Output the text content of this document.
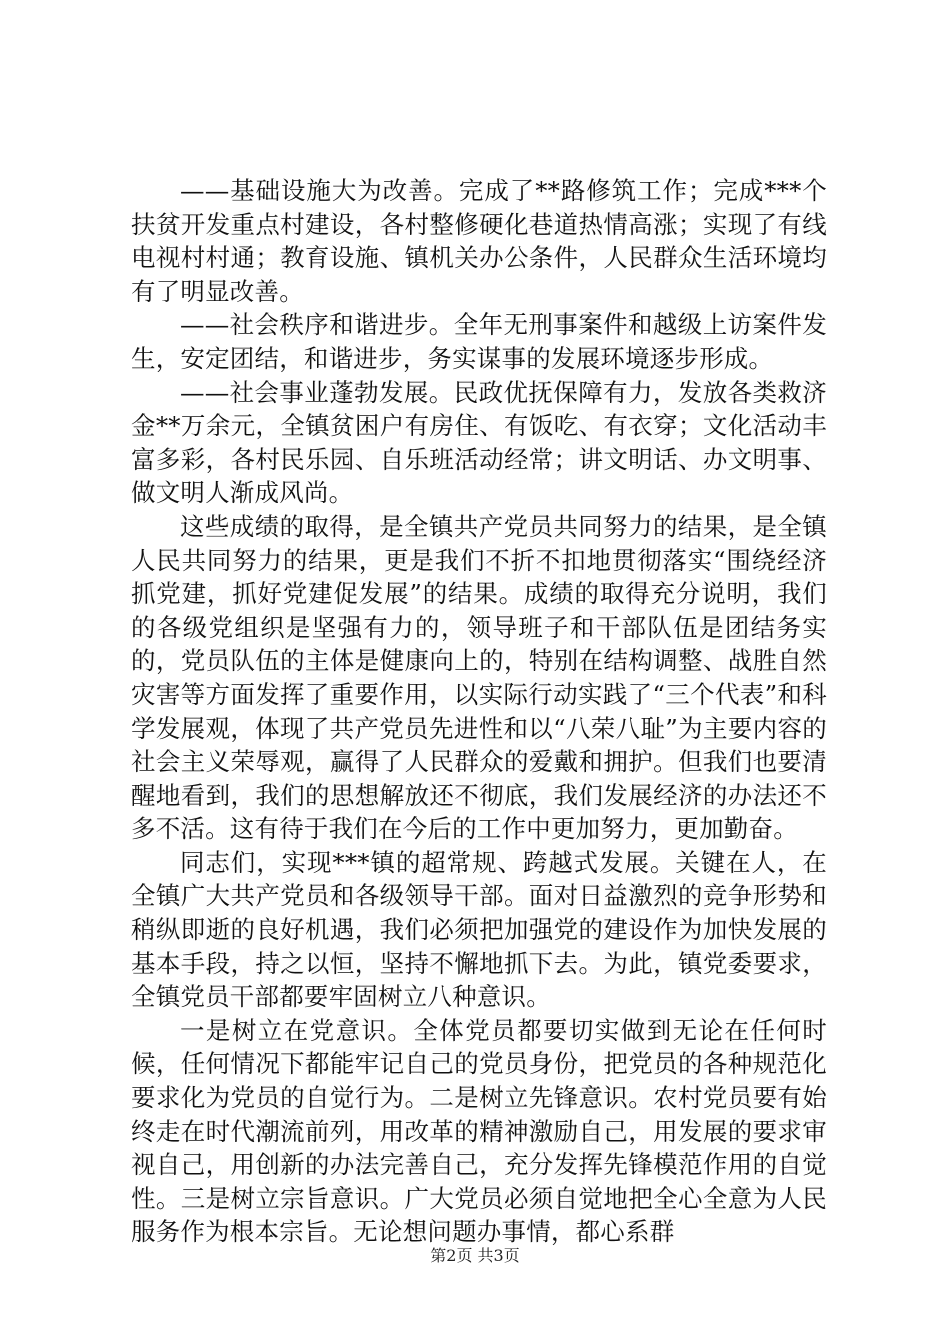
——基础设施大为改善。完成了**路修筑工作；完成***个扶贫开发重点村建设，各村整修硬化巷道热情高涨；实现了有线电视村村通；教育设施、镇机关办公条件，人民群众生活环境均有了明显改善。

——社会秩序和谐进步。全年无刑事案件和越级上访案件发生，安定团结，和谐进步，务实谋事的发展环境逐步形成。

——社会事业蓬勃发展。民政优抚保障有力，发放各类救济金**万余元，全镇贫困户有房住、有饭吃、有衣穿；文化活动丰富多彩，各村民乐园、自乐班活动经常；讲文明话、办文明事、做文明人渐成风尚。

这些成绩的取得，是全镇共产党员共同努力的结果，是全镇人民共同努力的结果，更是我们不折不扣地贯彻落实“围绕经济抓党建，抓好党建促发展”的结果。成绩的取得充分说明，我们的各级党组织是坚强有力的，领导班子和干部队伍是团结务实的，党员队伍的主体是健康向上的，特别在结构调整、战胜自然灾害等方面发挥了重要作用，以实际行动实践了“三个代表”和科学发展观，体现了共产党员先进性和以“八荣八耻”为主要内容的社会主义荣辱观，赢得了人民群众的爱戴和拥护。但我们也要清醒地看到，我们的思想解放还不彻底，我们发展经济的办法还不多不活。这有待于我们在今后的工作中更加努力，更加勤奋。

同志们，实现***镇的超常规、跨越式发展。关键在人，在全镇广大共产党员和各级领导干部。面对日益激烈的竞争形势和稍纵即逝的良好机遇，我们必须把加强党的建设作为加快发展的基本手段，持之以恒，坚持不懈地抓下去。为此，镇党委要求，全镇党员干部都要牢固树立八种意识。

一是树立在党意识。全体党员都要切实做到无论在任何时候，任何情况下都能牢记自己的党员身份，把党员的各种规范化要求化为党员的自觉行为。二是树立先锋意识。农村党员要有始终走在时代潮流前列，用改革的精神激励自己，用发展的要求审视自己，用创新的办法完善自己，充分发挥先锋模范作用的自觉性。三是树立宗旨意识。广大党员必须自觉地把全心全意为人民服务作为根本宗旨。无论想问题办事情，都心系群

第2页 共3页
